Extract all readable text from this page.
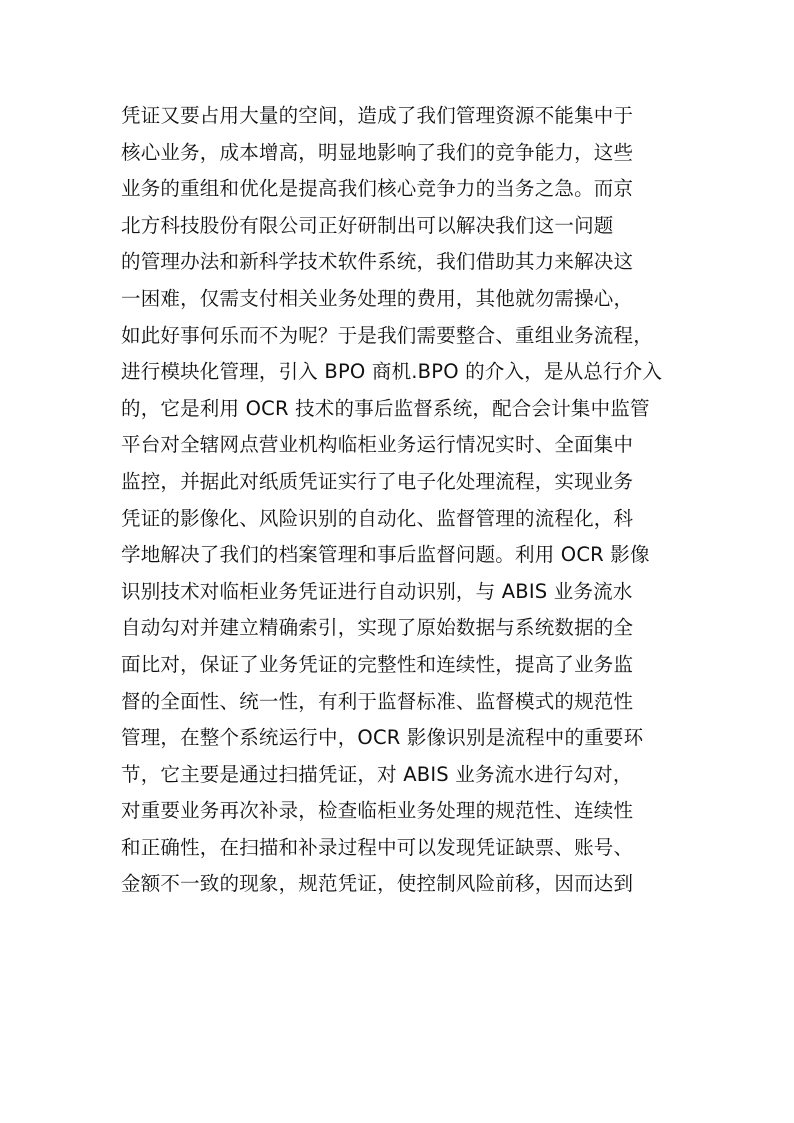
凭证又要占用大量的空间，造成了我们管理资源不能集中于
核心业务，成本增高，明显地影响了我们的竞争能力，这些
业务的重组和优化是提高我们核心竞争力的当务之急。而京
北方科技股份有限公司正好研制出可以解决我们这一问题
的管理办法和新科学技术软件系统，我们借助其力来解决这
一困难，仅需支付相关业务处理的费用，其他就勿需操心，
如此好事何乐而不为呢？于是我们需要整合、重组业务流程，
进行模块化管理，引入 BPO 商机.BPO 的介入，是从总行介入
的，它是利用 OCR 技术的事后监督系统，配合会计集中监管
平台对全辖网点营业机构临柜业务运行情况实时、全面集中
监控，并据此对纸质凭证实行了电子化处理流程，实现业务
凭证的影像化、风险识别的自动化、监督管理的流程化，科
学地解决了我们的档案管理和事后监督问题。利用 OCR 影像
识别技术对临柜业务凭证进行自动识别，与 ABIS 业务流水
自动勾对并建立精确索引，实现了原始数据与系统数据的全
面比对，保证了业务凭证的完整性和连续性，提高了业务监
督的全面性、统一性，有利于监督标准、监督模式的规范性
管理，在整个系统运行中，OCR 影像识别是流程中的重要环
节，它主要是通过扫描凭证，对 ABIS 业务流水进行勾对，
对重要业务再次补录，检查临柜业务处理的规范性、连续性
和正确性，在扫描和补录过程中可以发现凭证缺票、账号、
金额不一致的现象，规范凭证，使控制风险前移，因而达到
